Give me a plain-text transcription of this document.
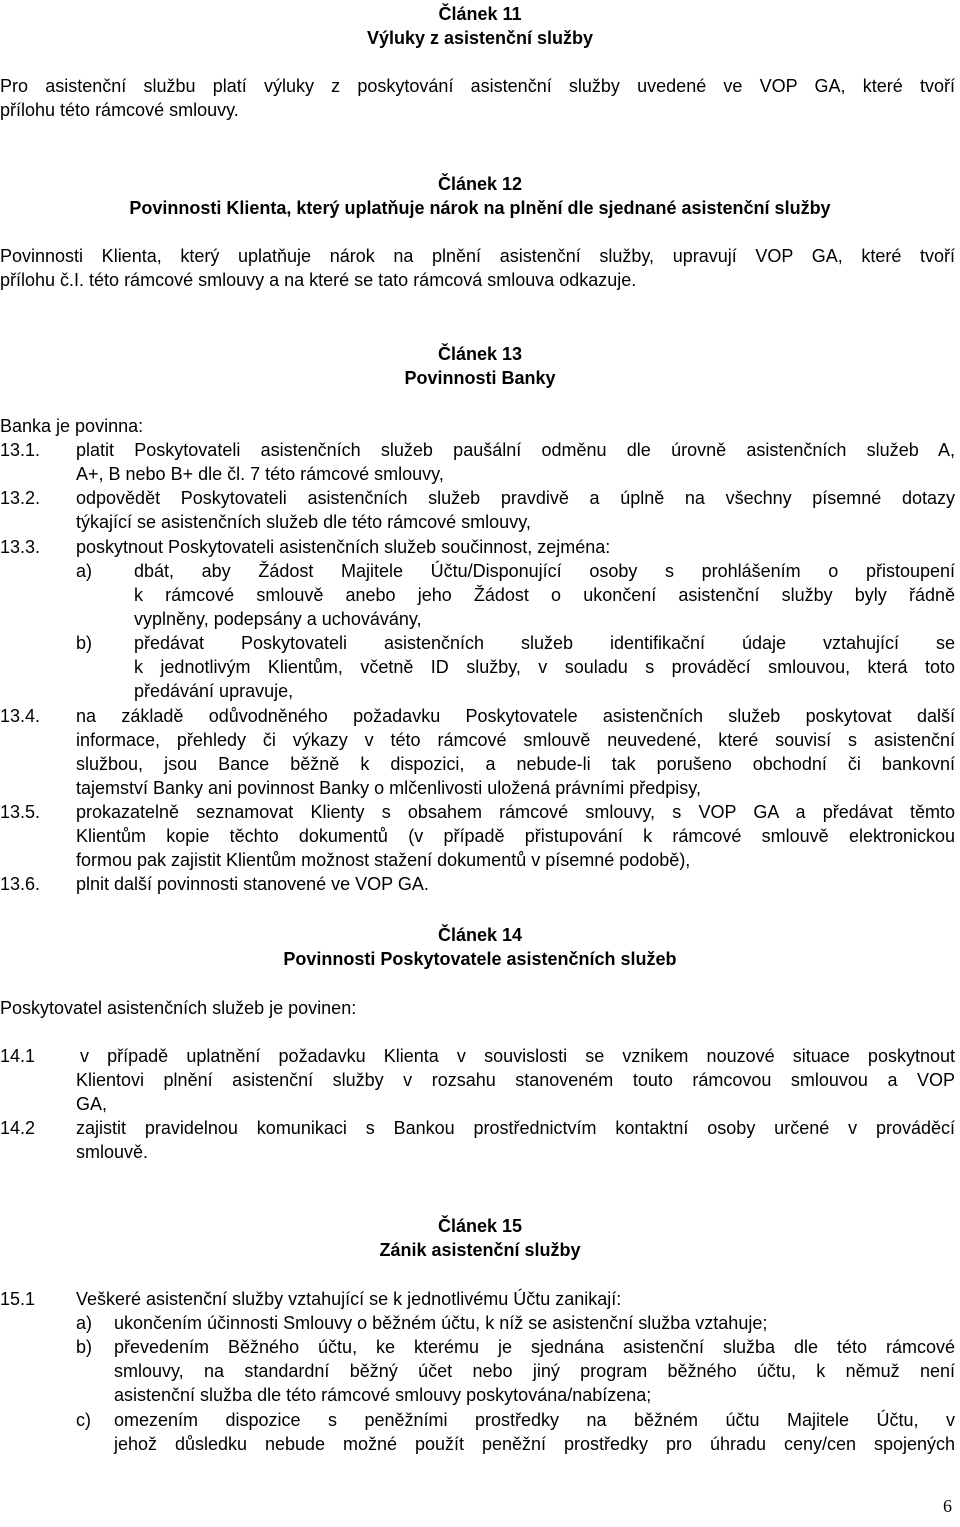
Článek 11
Výluky z asistenční služby
Pro asistenční službu platí výluky z poskytování asistenční služby uvedené ve VOP GA, které tvoří
přílohu této rámcové smlouvy.
Článek 12
Povinnosti Klienta, který uplatňuje nárok na plnění dle sjednané asistenční služby
Povinnosti Klienta, který uplatňuje nárok na plnění asistenční služby, upravují VOP GA, které tvoří
přílohu č.I. této rámcové smlouvy a na které se tato rámcová smlouva odkazuje.
Článek 13
Povinnosti Banky
Banka je povinna:
13.1. platit Poskytovateli asistenčních služeb paušální odměnu dle úrovně asistenčních služeb A,
A+, B nebo B+ dle čl. 7 této rámcové smlouvy,
13.2. odpovědět Poskytovateli asistenčních služeb pravdivě a úplně na všechny písemné dotazy
týkající se asistenčních služeb dle této rámcové smlouvy,
13.3. poskytnout Poskytovateli asistenčních služeb součinnost, zejména:
a) dbát, aby Žádost Majitele Účtu/Disponující osoby s prohlášením o přistoupení
k rámcové smlouvě anebo jeho Žádost o ukončení asistenční služby byly řádně
vyplněny, podepsány a uchovávány,
b) předávat Poskytovateli asistenčních služeb identifikační údaje vztahující se
k jednotlivým Klientům, včetně ID služby, v souladu s prováděcí smlouvou, která toto
předávání upravuje,
13.4. na základě odůvodněného požadavku Poskytovatele asistenčních služeb poskytovat další
informace, přehledy či výkazy v této rámcové smlouvě neuvedené, které souvisí s asistenční
službou, jsou Bance běžně k dispozici, a nebude-li tak porušeno obchodní či bankovní
tajemství Banky ani povinnost Banky o mlčenlivosti uložená právními předpisy,
13.5. prokazatelně seznamovat Klienty s obsahem rámcové smlouvy, s VOP GA a předávat těmto
Klientům kopie těchto dokumentů (v případě přistupování k rámcové smlouvě elektronickou
formou pak zajistit Klientům možnost stažení dokumentů v písemné podobě),
13.6. plnit další povinnosti stanovené ve VOP GA.
Článek 14
Povinnosti Poskytovatele asistenčních služeb
Poskytovatel asistenčních služeb je povinen:
14.1 v případě uplatnění požadavku Klienta v souvislosti se vznikem nouzové situace poskytnout
Klientovi plnění asistenční služby v rozsahu stanoveném touto rámcovou smlouvou a VOP
GA,
14.2 zajistit pravidelnou komunikaci s Bankou prostřednictvím kontaktní osoby určené v prováděcí
smlouvě.
Článek 15
Zánik asistenční služby
15.1 Veškeré asistenční služby vztahující se k jednotlivému Účtu zanikají:
a) ukončením účinnosti Smlouvy o běžném účtu, k níž se asistenční služba vztahuje;
b) převedením Běžného účtu, ke kterému je sjednána asistenční služba dle této rámcové
smlouvy, na standardní běžný účet nebo jiný program běžného účtu, k němuž není
asistenční služba dle této rámcové smlouvy poskytována/nabízena;
c) omezením dispozice s peněžními prostředky na běžném účtu Majitele Účtu, v
jehož důsledku nebude možné použít peněžní prostředky pro úhradu ceny/cen spojených
6
